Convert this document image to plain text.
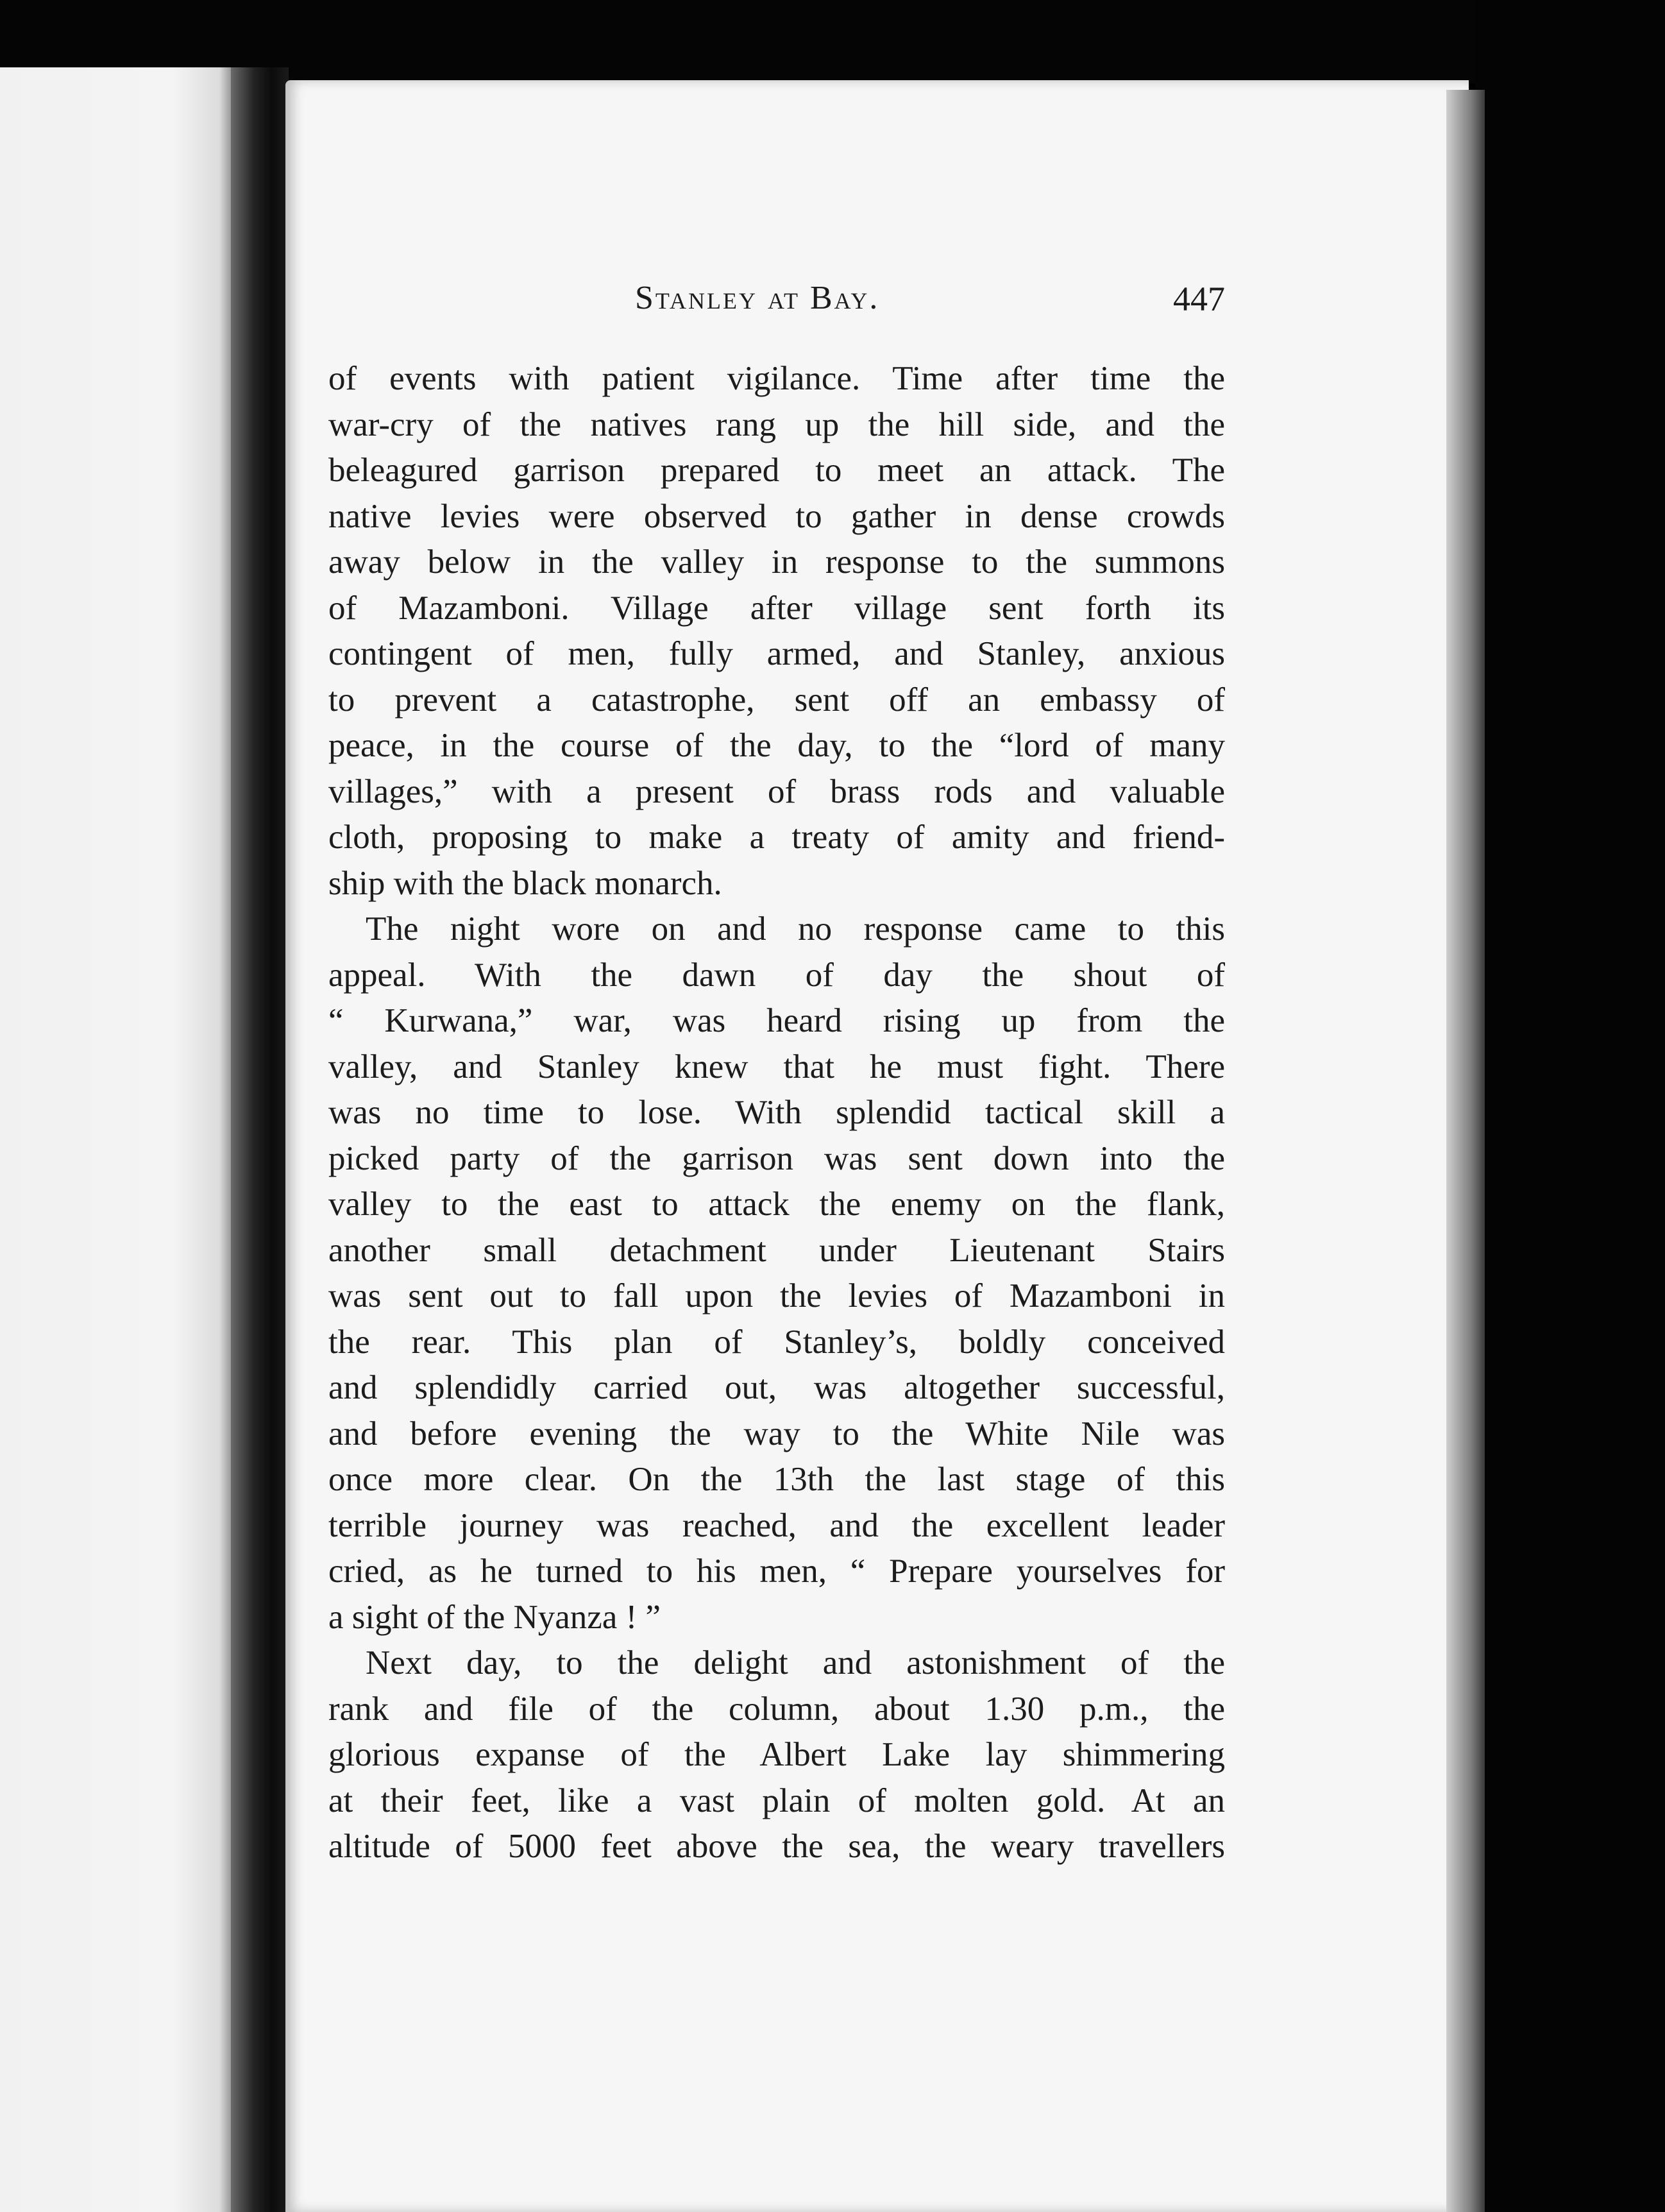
Stanley at Bay.	447
of events with patient vigilance. Time after time the
war-cry of the natives rang up the hill side, and the
beleagured garrison prepared to meet an attack. The
native levies were observed to gather in dense crowds
away below in the valley in response to the summons
of Mazamboni. Village after village sent forth its
contingent of men, fully armed, and Stanley, anxious
to prevent a catastrophe, sent off an embassy of
peace, in the course of the day, to the “lord of many
villages,” with a present of brass rods and valuable
cloth, proposing to make a treaty of amity and friend-
ship with the black monarch.
The night wore on and no response came to this
appeal. With the dawn of day the shout of
“ Kurwana,” war, was heard rising up from the
valley, and Stanley knew that he must fight. There
was no time to lose. With splendid tactical skill a
picked party of the garrison was sent down into the
valley to the east to attack the enemy on the flank,
another small detachment under Lieutenant Stairs
was sent out to fall upon the levies of Mazamboni in
the rear. This plan of Stanley’s, boldly conceived
and splendidly carried out, was altogether successful,
and before evening the way to the White Nile was
once more clear. On the 13th the last stage of this
terrible journey was reached, and the excellent leader
cried, as he turned to his men, “ Prepare yourselves for
a sight of the Nyanza ! ”
Next day, to the delight and astonishment of the
rank and file of the column, about 1.30 p.m., the
glorious expanse of the Albert Lake lay shimmering
at their feet, like a vast plain of molten gold. At an
altitude of 5000 feet above the sea, the weary travellers
